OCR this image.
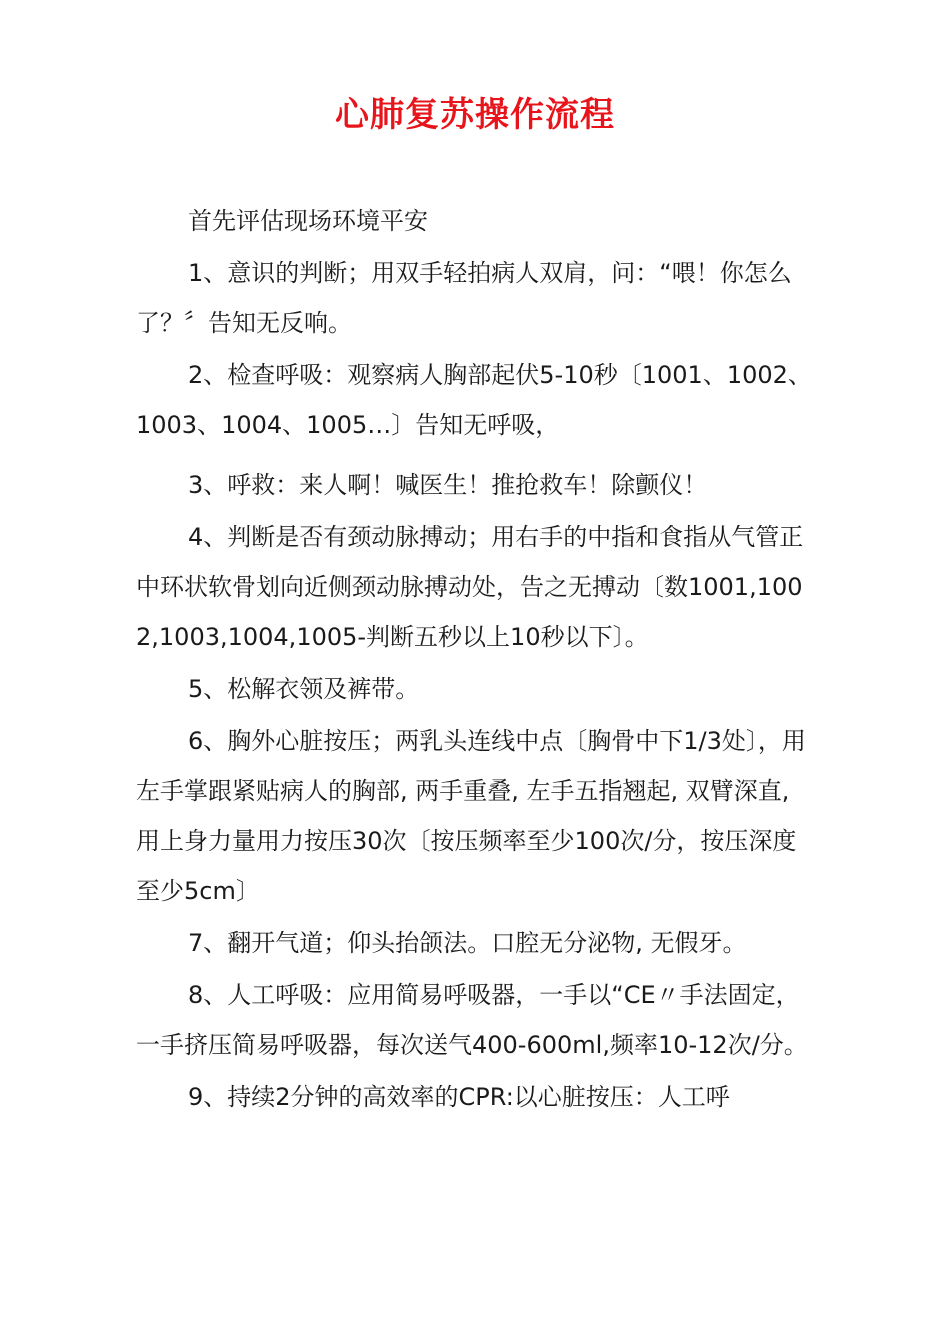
心肺复苏操作流程

首先评估现场环境平安

1、意识的判断；用双手轻拍病人双肩，问：“喂！你怎么了？〞告知无反响。

2、检查呼吸：观察病人胸部起伏5-10秒〔1001、1002、1003、1004、1005…〕告知无呼吸，

3、呼救：来人啊！喊医生！推抢救车！除颤仪！

4、判断是否有颈动脉搏动；用右手的中指和食指从气管正中环状软骨划向近侧颈动脉搏动处，告之无搏动〔数1001,1002,1003,1004,1005-判断五秒以上10秒以下〕。

5、松解衣领及裤带。

6、胸外心脏按压；两乳头连线中点〔胸骨中下1/3处〕，用左手掌跟紧贴病人的胸部, 两手重叠, 左手五指翘起, 双臂深直, 用上身力量用力按压30次〔按压频率至少100次/分，按压深度至少5cm〕

7、翻开气道；仰头抬颌法。口腔无分泌物, 无假牙。

8、人工呼吸：应用简易呼吸器，一手以“CE〃手法固定，一手挤压简易呼吸器，每次送气400-600ml,频率10-12次/分。

9、持续2分钟的高效率的CPR:以心脏按压：人工呼
